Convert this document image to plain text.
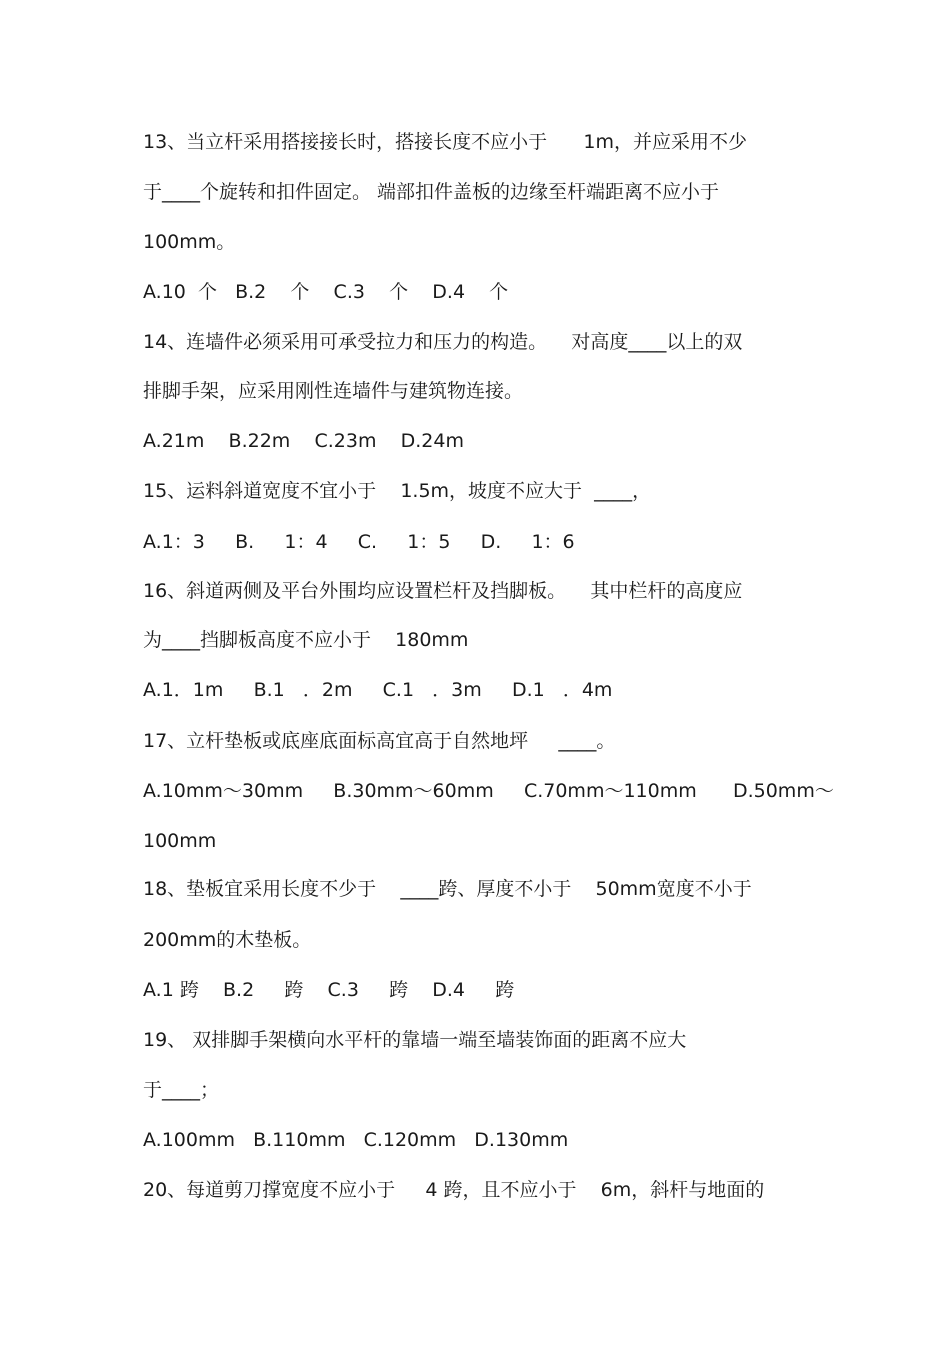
13、当立杆采用搭接接长时，搭接长度不应小于      1m，并应采用不少
于____个旋转和扣件固定。 端部扣件盖板的边缘至杆端距离不应小于
100mm。
A.10  个   B.2    个    C.3    个    D.4    个
14、连墙件必须采用可承受拉力和压力的构造。    对高度____以上的双
排脚手架，应采用刚性连墙件与建筑物连接。
A.21m    B.22m    C.23m    D.24m
15、运料斜道宽度不宜小于    1.5m，坡度不应大于  ____，
A.1：3     B.     1：4     C.     1：5     D.     1：6
16、斜道两侧及平台外围均应设置栏杆及挡脚板。    其中栏杆的高度应
为____挡脚板高度不应小于    180mm
A.1．1m     B.1   ．2m     C.1   ．3m     D.1   ．4m
17、立杆垫板或底座底面标高宜高于自然地坪     ____。
A.10mm～30mm     B.30mm～60mm     C.70mm～110mm      D.50mm～
100mm
18、垫板宜采用长度不少于    ____跨、厚度不小于    50mm宽度不小于
200mm的木垫板。
A.1 跨    B.2     跨    C.3     跨    D.4     跨
19、 双排脚手架横向水平杆的靠墙一端至墙装饰面的距离不应大
于____；
A.100mm   B.110mm   C.120mm   D.130mm
20、每道剪刀撑宽度不应小于     4 跨，且不应小于    6m，斜杆与地面的
